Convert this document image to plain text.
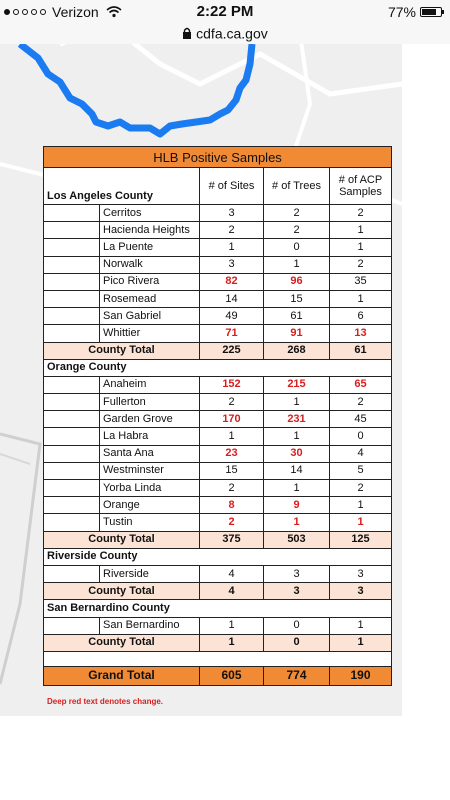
Verizon	2:22 PM	77%
cdfa.ca.gov
HLB Positive Samples				
Los Angeles County		# of Sites	# of Trees	# of ACP Samples
	Cerritos	3	2	2
	Hacienda Heights	2	2	1
	La Puente	1	0	1
	Norwalk	3	1	2
	Pico Rivera	82	96	35
	Rosemead	14	15	1
	San Gabriel	49	61	6
	Whittier	71	91	13
County Total		225	268	61
Orange County				
	Anaheim	152	215	65
	Fullerton	2	1	2
	Garden Grove	170	231	45
	La Habra	1	1	0
	Santa Ana	23	30	4
	Westminster	15	14	5
	Yorba Linda	2	1	2
	Orange	8	9	1
	Tustin	2	1	1
County Total		375	503	125
Riverside County				
	Riverside	4	3	3
County Total		4	3	3
San Bernardino County				
	San Bernardino	1	0	1
County Total		1	0	1

Grand Total		605	774	190
Deep red text denotes change.
